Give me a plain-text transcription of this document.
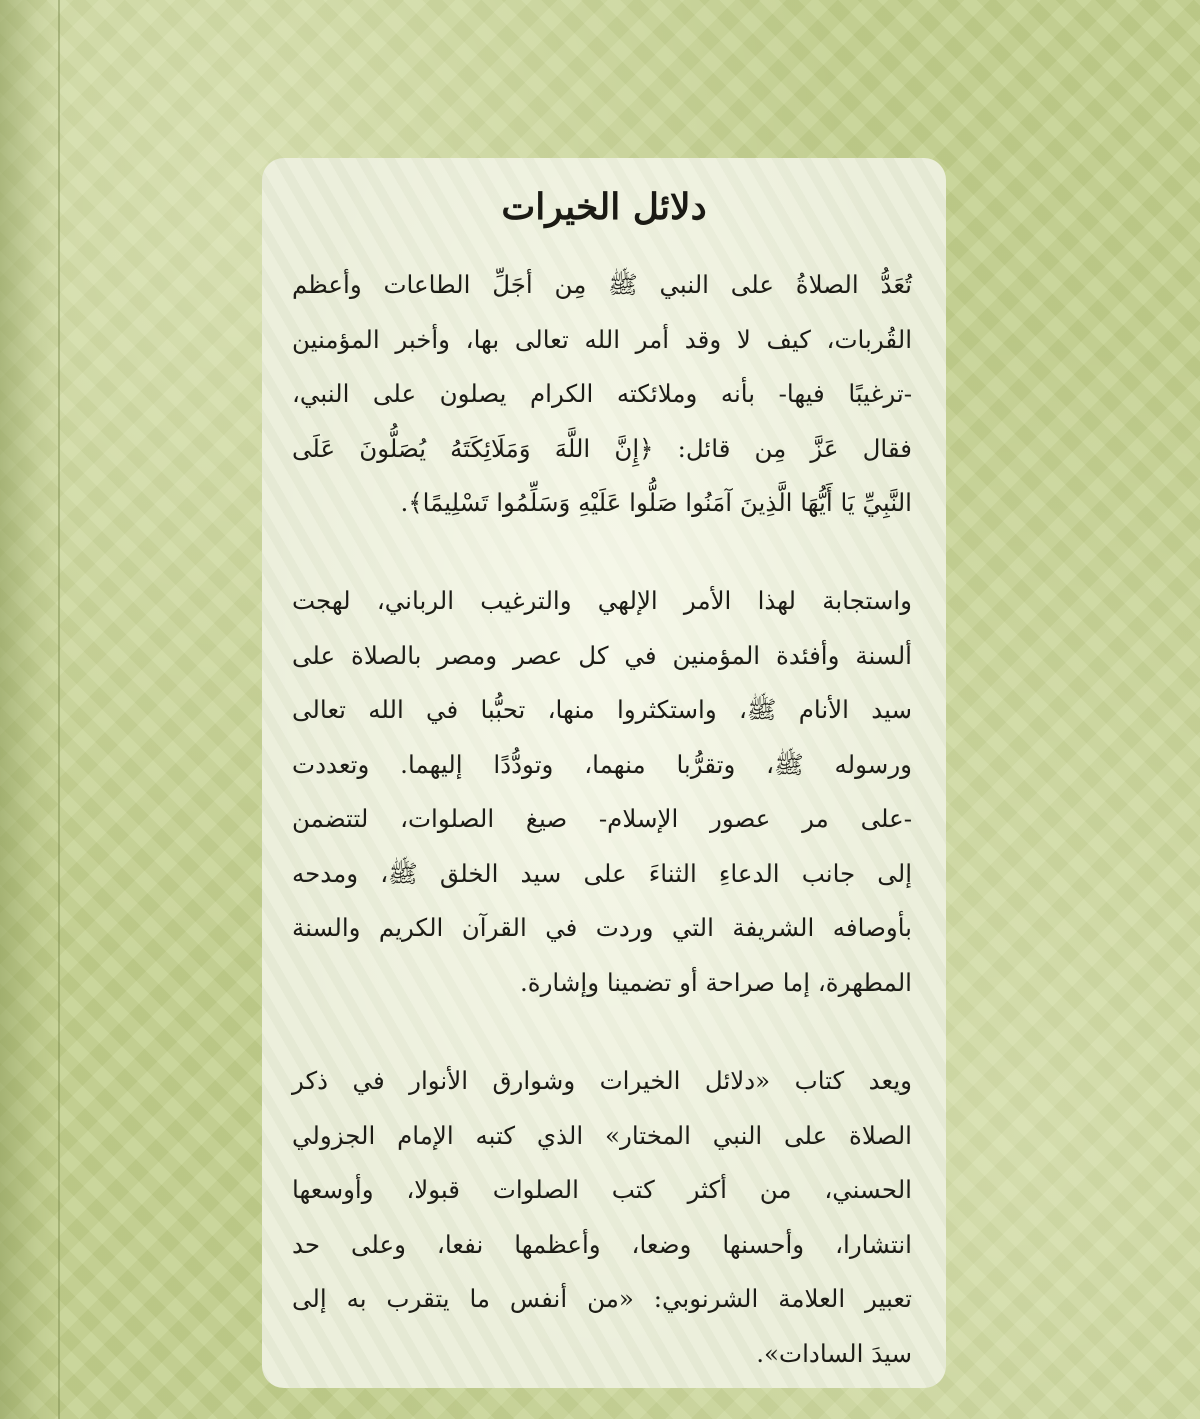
دلائل الخيرات
تُعَدُّ الصلاةُ على النبي ﷺ مِن أجَلِّ الطاعات وأعظم
القُربات، كيف لا وقد أمر الله تعالى بها، وأخبر المؤمنين
-ترغيبًا فيها- بأنه وملائكته الكرام يصلون على النبي،
فقال عَزَّ مِن قائل: ﴿إِنَّ اللَّهَ وَمَلَائِكَتَهُ يُصَلُّونَ عَلَى
النَّبِيِّ يَا أَيُّهَا الَّذِينَ آمَنُوا صَلُّوا عَلَيْهِ وَسَلِّمُوا تَسْلِيمًا﴾.
واستجابة لهذا الأمر الإلهي والترغيب الرباني، لهجت
ألسنة وأفئدة المؤمنين في كل عصر ومصر بالصلاة على
سيد الأنام ﷺ، واستكثروا منها، تحبُّبا في الله تعالى
ورسوله ﷺ، وتقرُّبا منهما، وتودُّدًا إليهما. وتعددت
-على مر عصور الإسلام- صيغ الصلوات، لتتضمن
إلى جانب الدعاءِ الثناءَ على سيد الخلق ﷺ، ومدحه
بأوصافه الشريفة التي وردت في القرآن الكريم والسنة
المطهرة، إما صراحة أو تضمينا وإشارة.
ويعد كتاب «دلائل الخيرات وشوارق الأنوار في ذكر
الصلاة على النبي المختار» الذي كتبه الإمام الجزولي
الحسني، من أكثر كتب الصلوات قبولا، وأوسعها
انتشارا، وأحسنها وضعا، وأعظمها نفعا، وعلى حد
تعبير العلامة الشرنوبي: «من أنفس ما يتقرب به إلى
سيدَ السادات».
